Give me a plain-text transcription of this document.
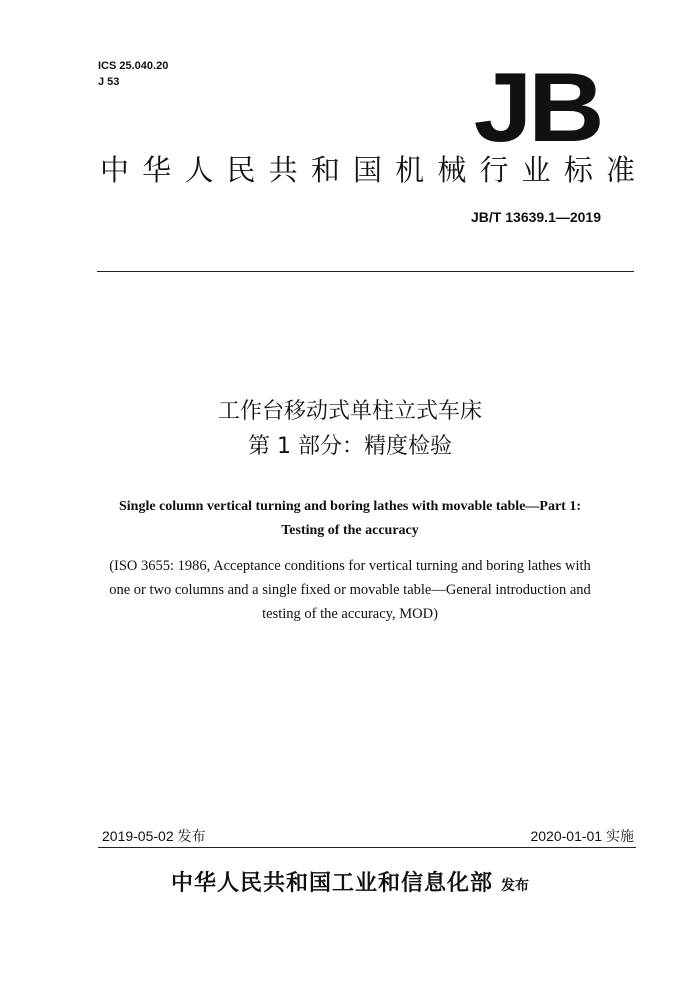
ICS 25.040.20
J 53	JB
中华人民共和国机械行业标准
JB/T 13639.1—2019
工作台移动式单柱立式车床
第 1 部分：精度检验
Single column vertical turning and boring lathes with movable table—Part 1:
Testing of the accuracy
(ISO 3655: 1986, Acceptance conditions for vertical turning and boring lathes with
one or two columns and a single fixed or movable table—General introduction and
testing of the accuracy, MOD)
2019-05-02 发布	2020-01-01 实施
中华人民共和国工业和信息化部 发布
